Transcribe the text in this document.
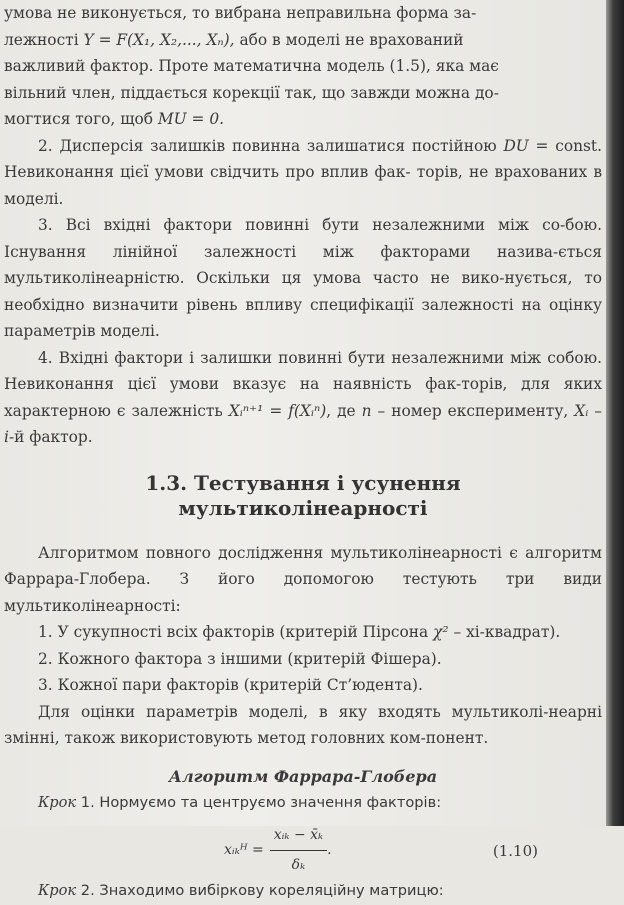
умова не виконується, то вибрана неправильна форма за-

лежності Y = F(X₁, X₂,..., Xₙ), або в моделі не врахований

важливий фактор. Проте математична модель (1.5), яка має

вільний член, піддається корекції так, що завжди можна до-

могтися того, щоб MU = 0.

2. Дисперсія залишків повинна залишатися постійною DU = const. Невиконання цієї умови свідчить про вплив фак- торів, не врахованих в моделі.

3. Всі вхідні фактори повинні бути незалежними між со-бою. Існування лінійної залежності між факторами назива-ється мультиколінеарністю. Оскільки ця умова часто не вико-нується, то необхідно визначити рівень впливу специфікації залежності на оцінку параметрів моделі.

4. Вхідні фактори і залишки повинні бути незалежними між собою. Невиконання цієї умови вказує на наявність фак-торів, для яких характерною є залежність Xᵢⁿ⁺¹ = f(Xᵢⁿ), де n – номер експерименту, Xᵢ – i-й фактор.

1.3. Тестування і усунення
мультиколінеарності

Алгоритмом повного дослідження мультиколінеарності є алгоритм Фаррара-Глобера. З його допомогою тестують три види мультиколінеарності:

1. У сукупності всіх факторів (критерій Пірсона χ² – хі-квадрат).

2. Кожного фактора з іншими (критерій Фішера).

3. Кожної пари факторів (критерій Ст’юдента).

Для оцінки параметрів моделі, в яку входять мультиколі-неарні змінні, також використовують метод головних ком-понент.

Алгоритм Фаррара-Глобера

Крок 1. Нормуємо та центруємо значення факторів:

xᵢₖᴴ = $\frac{\text{xᵢₖ − x̄ₖ}}{\text{δₖ}}$ .	(1.10)

Крок 2. Знаходимо вибіркову кореляційну матрицю:
